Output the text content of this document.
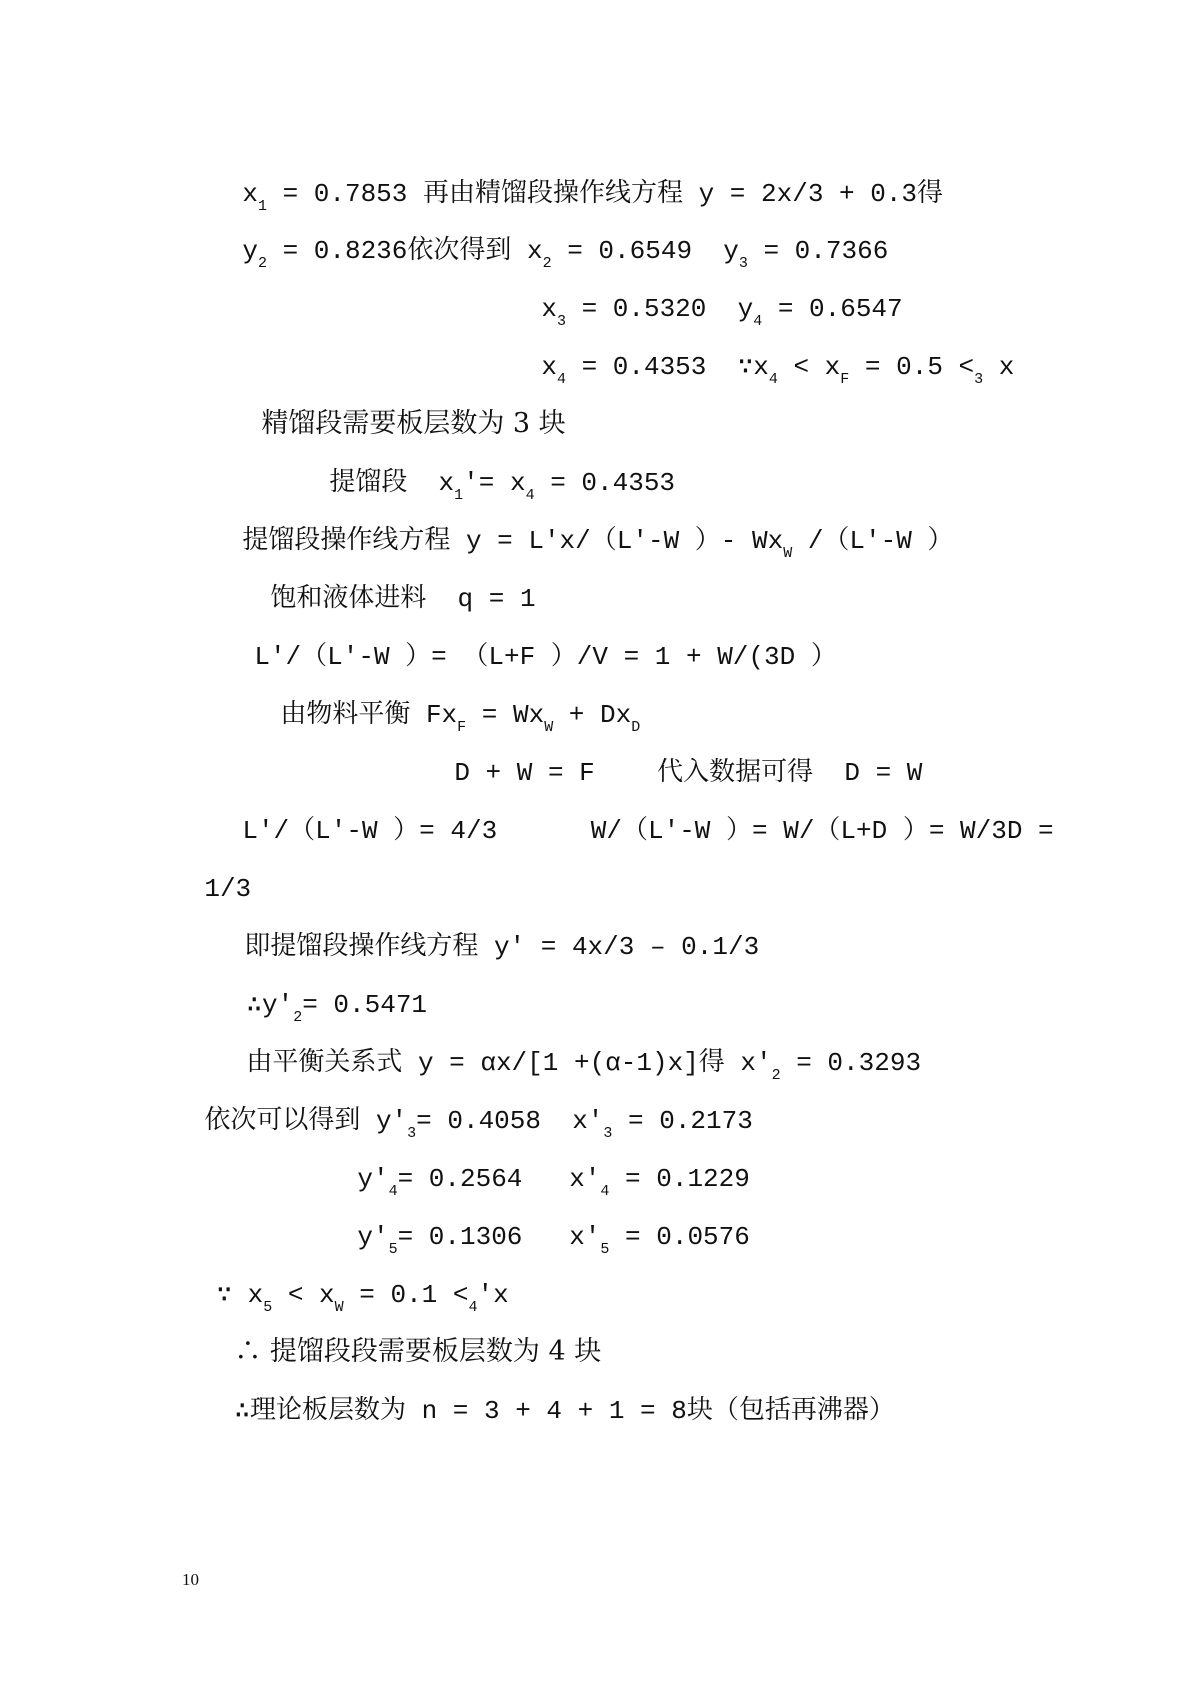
$x_1 = 0.7853$ 再由精馏段操作线方程 y = 2x/3 + 0.3得

$y_2 = 0.8236$依次得到 $x_2 = 0.6549$  $y_3 = 0.7366$

$x_3 = 0.5320$  $y_4 = 0.6547$

$x_4 = 0.4353$  $\because x_4 < x_F = 0.5 <_3$ x

精馏段需要板层数为 3 块

提馏段  $x_1'= x_4 = 0.4353$

提馏段操作线方程 y = L'x/（L'-W ）- $Wx_W$ /（L'-W ）

饱和液体进料  q = 1

L'/（L'-W ）= （L+F ）/V = 1 + W/(3D ）

由物料平衡 $Fx_F = Wx_W + Dx_D$

D + W = F    代入数据可得  D = W

L'/（L'-W ）= 4/3      W/（L'-W ）= W/（L+D ）= W/3D =

1/3

即提馏段操作线方程 y' = 4x/3 – 0.1/3

$\therefore y'_2= 0.5471$

由平衡关系式 y = αx/[1 +(α-1)x]得 $x'_2 = 0.3293$

依次可以得到 $y'_3= 0.4058$  $x'_3 = 0.2173$

$y'_4= 0.2564$   $x'_4 = 0.1229$

$y'_5= 0.1306$   $x'_5 = 0.0576$

∵ $x_5 < x_W = 0.1 <_4'x$

∴ 提馏段段需要板层数为 4 块

∴理论板层数为 n = 3 + 4 + 1 = 8块（包括再沸器）

10
